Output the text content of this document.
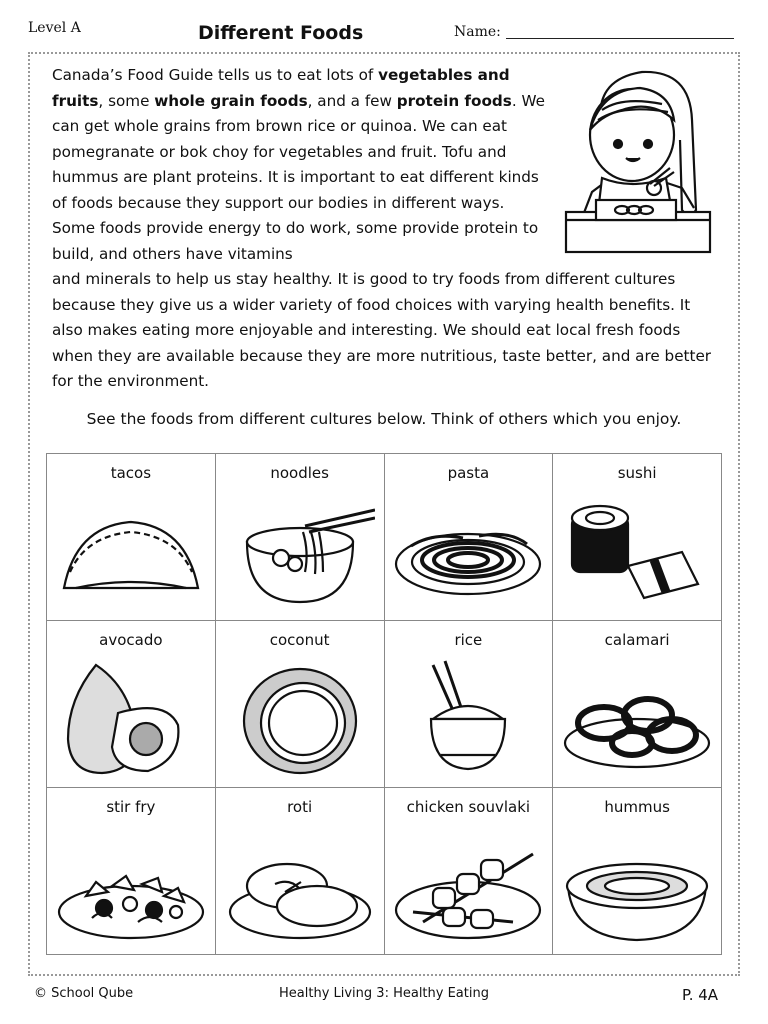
Level A	Different Foods	Name:

Canada’s Food Guide tells us to eat lots of vegetables and fruits, some whole grain foods, and a few protein foods. We can get whole grains from brown rice or quinoa. We can eat pomegranate or bok choy for vegetables and fruit. Tofu and hummus are plant proteins. It is important to eat different kinds of foods because they support our bodies in different ways. Some foods provide energy to do work, some provide protein to build, and others have vitamins

and minerals to help us stay healthy. It is good to try foods from different cultures because they give us a wider variety of food choices with varying health benefits. It also makes eating more enjoyable and interesting. We should eat local fresh foods when they are available because they are more nutritious, taste better, and are better for the environment.

See the foods from different cultures below. Think of others which you enjoy.
tacos	noodles	pasta	sushi

avocado	coconut	rice	calamari

stir fry	roti	chicken souvlaki	hummus
© School Qube	Healthy Living 3: Healthy Eating	P. 4A
